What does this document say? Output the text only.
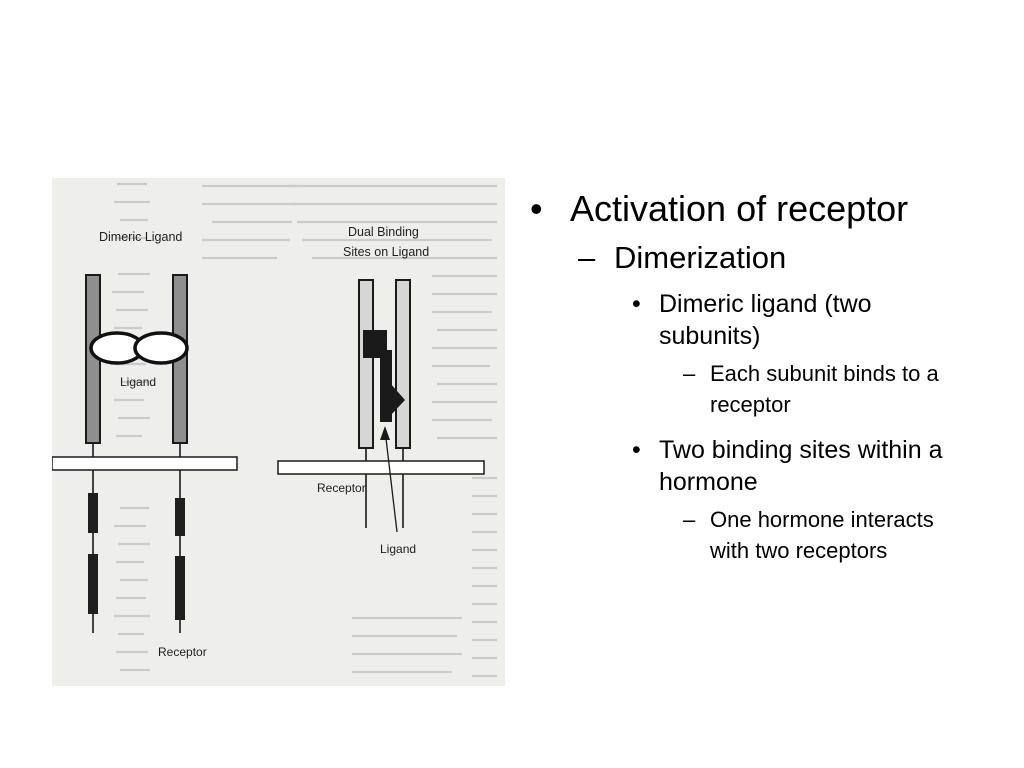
Dimeric Ligand
Ligand
Receptor
Dual Binding
Sites on Ligand
Receptor
Ligand
• Activation of receptor
– Dimerization
• Dimeric ligand (two subunits)
– Each subunit binds to a receptor
• Two binding sites within a hormone
– One hormone interacts with two receptors
